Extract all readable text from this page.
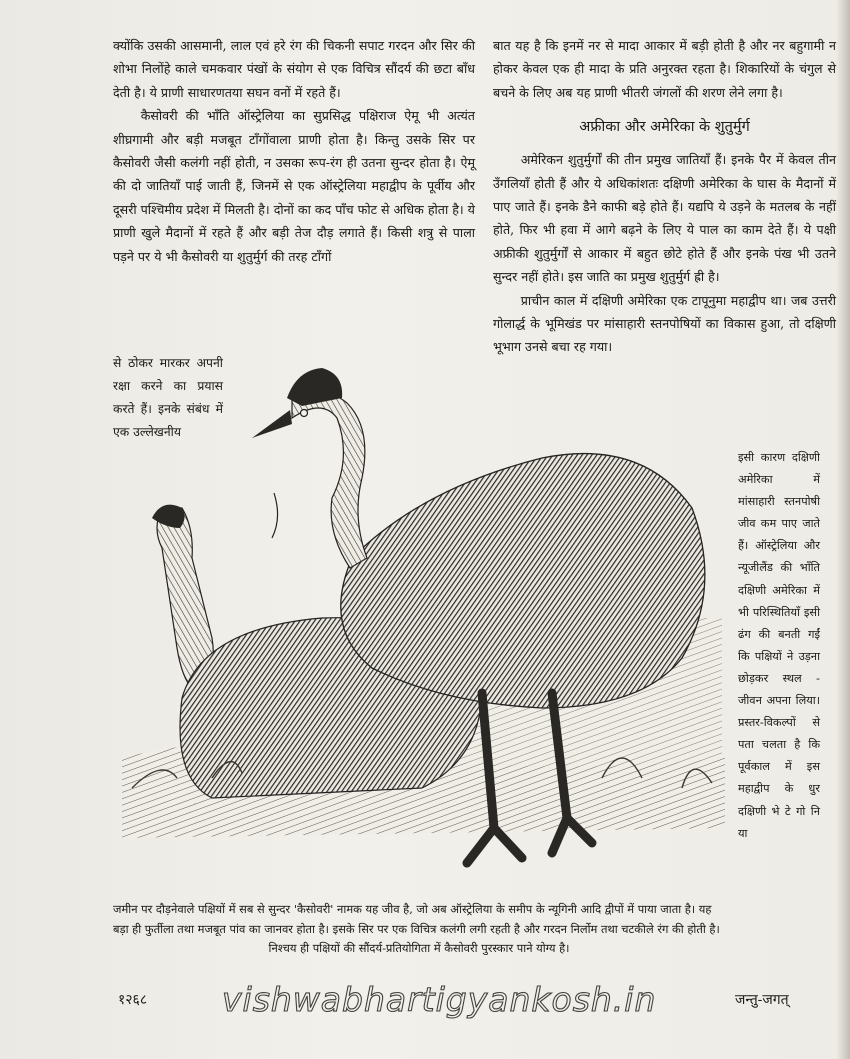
क्योंकि उसकी आसमानी, लाल एवं हरे रंग की चिकनी सपाट गरदन और सिर की शोभा निलोंहे काले चमकवार पंखों के संयोग से एक विचित्र सौंदर्य की छटा बाँध देती है। ये प्राणी साधारणतया सघन वनों में रहते हैं।

कैसोवरी की भाँति ऑस्ट्रेलिया का सुप्रसिद्ध पक्षिराज ऐमू भी अत्यंत शीघ्रगामी और बड़ी मजबूत टाँगोंवाला प्राणी होता है। किन्तु उसके सिर पर कैसोवरी जैसी कलंगी नहीं होती, न उसका रूप-रंग ही उतना सुन्दर होता है। ऐमू की दो जातियाँ पाई जाती हैं, जिनमें से एक ऑस्ट्रेलिया महाद्वीप के पूर्वीय और दूसरी पश्चिमीय प्रदेश में मिलती है। दोनों का कद पाँच फोट से अधिक होता है। ये प्राणी खुले मैदानों में रहते हैं और बड़ी तेज दौड़ लगाते हैं। किसी शत्रु से पाला पड़ने पर ये भी कैसोवरी या शुतुर्मुर्ग की तरह टाँगों

से ठोकर मारकर अपनी रक्षा करने का प्रयास करते हैं। इनके संबंध में एक उल्लेखनीय

बात यह है कि इनमें नर से मादा आकार में बड़ी होती है और नर बहुगामी न होकर केवल एक ही मादा के प्रति अनुरक्त रहता है। शिकारियों के चंगुल से बचने के लिए अब यह प्राणी भीतरी जंगलों की शरण लेने लगा है।

अफ्रीका और अमेरिका के शुतुर्मुर्ग

अमेरिकन शुतुर्मुर्गों की तीन प्रमुख जातियाँ हैं। इनके पैर में केवल तीन उँगलियाँ होती हैं और ये अधिकांशतः दक्षिणी अमेरिका के घास के मैदानों में पाए जाते हैं। इनके डैने काफी बड़े होते हैं। यद्यपि ये उड़ने के मतलब के नहीं होते, फिर भी हवा में आगे बढ़ने के लिए ये पाल का काम देते हैं। ये पक्षी अफ्रीकी शुतुर्मुर्गों से आकार में बहुत छोटे होते हैं और इनके पंख भी उतने सुन्दर नहीं होते। इस जाति का प्रमुख शुतुर्मुर्ग ह्री है।

प्राचीन काल में दक्षिणी अमेरिका एक टापूनुमा महाद्वीप था। जब उत्तरी गोलार्द्ध के भूमिखंड पर मांसाहारी स्तनपोषियों का विकास हुआ, तो दक्षिणी भूभाग उनसे बचा रह गया।

इसी कारण दक्षिणी अमेरिका में मांसाहारी स्तनपोषी जीव कम पाए जाते हैं। ऑस्ट्रेलिया और न्यूजीलैंड की भाँति दक्षिणी अमेरिका में भी परिस्थितियाँ इसी ढंग की बनती गईं कि पक्षियों ने उड़ना छोड़कर स्थल - जीवन अपना लिया। प्रस्तर-विकल्पों से पता चलता है कि पूर्वकाल में इस महाद्वीप के धुर दक्षिणी भे टे गो नि या
जमीन पर दौड़नेवाले पक्षियों में सब से सुन्दर 'कैसोवरी' नामक यह जीव है, जो अब ऑस्ट्रेलिया के समीप के न्यूगिनी आदि द्वीपों में पाया जाता है। यह बड़ा ही फुर्तीला तथा मजबूत पांव का जानवर होता है। इसके सिर पर एक विचित्र कलंगी लगी रहती है और गरदन निर्लोम तथा चटकीले रंग की होती है।
निश्चय ही पक्षियों की सौंदर्य-प्रतियोगिता में कैसोवरी पुरस्कार पाने योग्य है।
१२६८ vishwabhartigyankosh.in	जन्तु-जगत्
